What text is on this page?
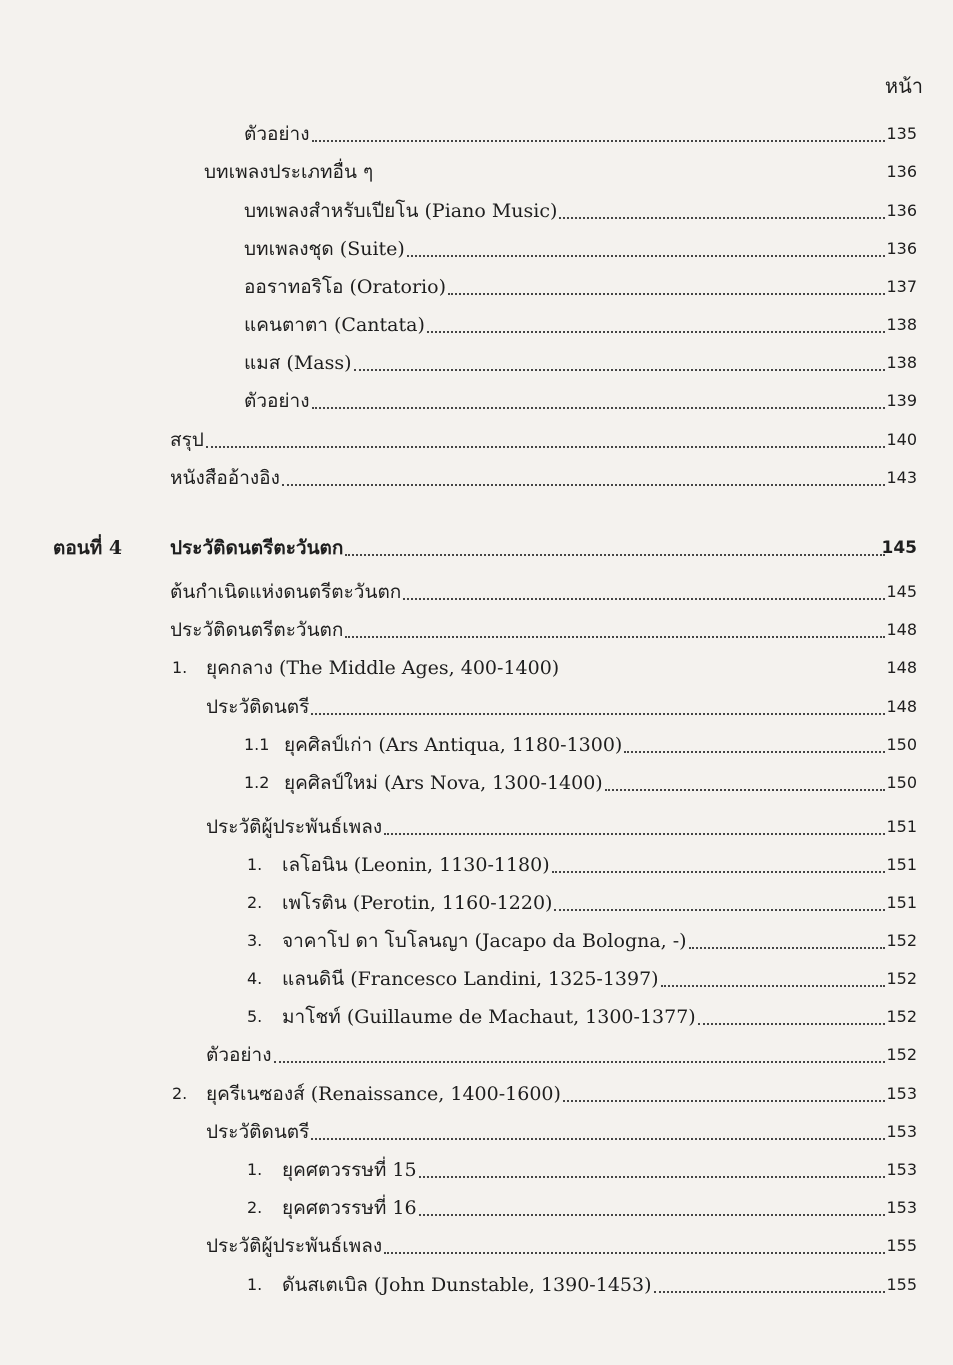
หน้า
ตัวอย่าง	135
บทเพลงประเภทอื่น ๆ	136
บทเพลงสำหรับเปียโน (Piano Music)	136
บทเพลงชุด (Suite)	136
ออราทอริโอ (Oratorio)	137
แคนตาตา (Cantata)	138
แมส (Mass)	138
ตัวอย่าง	139
สรุป	140
หนังสืออ้างอิง	143
ตอนที่ 4	ประวัติดนตรีตะวันตก	145
ต้นกำเนิดแห่งดนตรีตะวันตก	145
ประวัติดนตรีตะวันตก	148
1. ยุคกลาง (The Middle Ages, 400-1400)	148
ประวัติดนตรี	148
1.1 ยุคศิลป์เก่า (Ars Antiqua, 1180-1300)	150
1.2 ยุคศิลป์ใหม่ (Ars Nova, 1300-1400)	150
ประวัติผู้ประพันธ์เพลง	151
1. เลโอนิน (Leonin, 1130-1180)	151
2. เพโรติน (Perotin, 1160-1220)	151
3. จาคาโป ดา โบโลนญา (Jacapo da Bologna, -)	152
4. แลนดินี (Francesco Landini, 1325-1397)	152
5. มาโชท์ (Guillaume de Machaut, 1300-1377)	152
ตัวอย่าง	152
2. ยุครีเนซองส์ (Renaissance, 1400-1600)	153
ประวัติดนตรี	153
1. ยุคศตวรรษที่ 15	153
2. ยุคศตวรรษที่ 16	153
ประวัติผู้ประพันธ์เพลง	155
1. ดันสเตเบิล (John Dunstable, 1390-1453)	155
